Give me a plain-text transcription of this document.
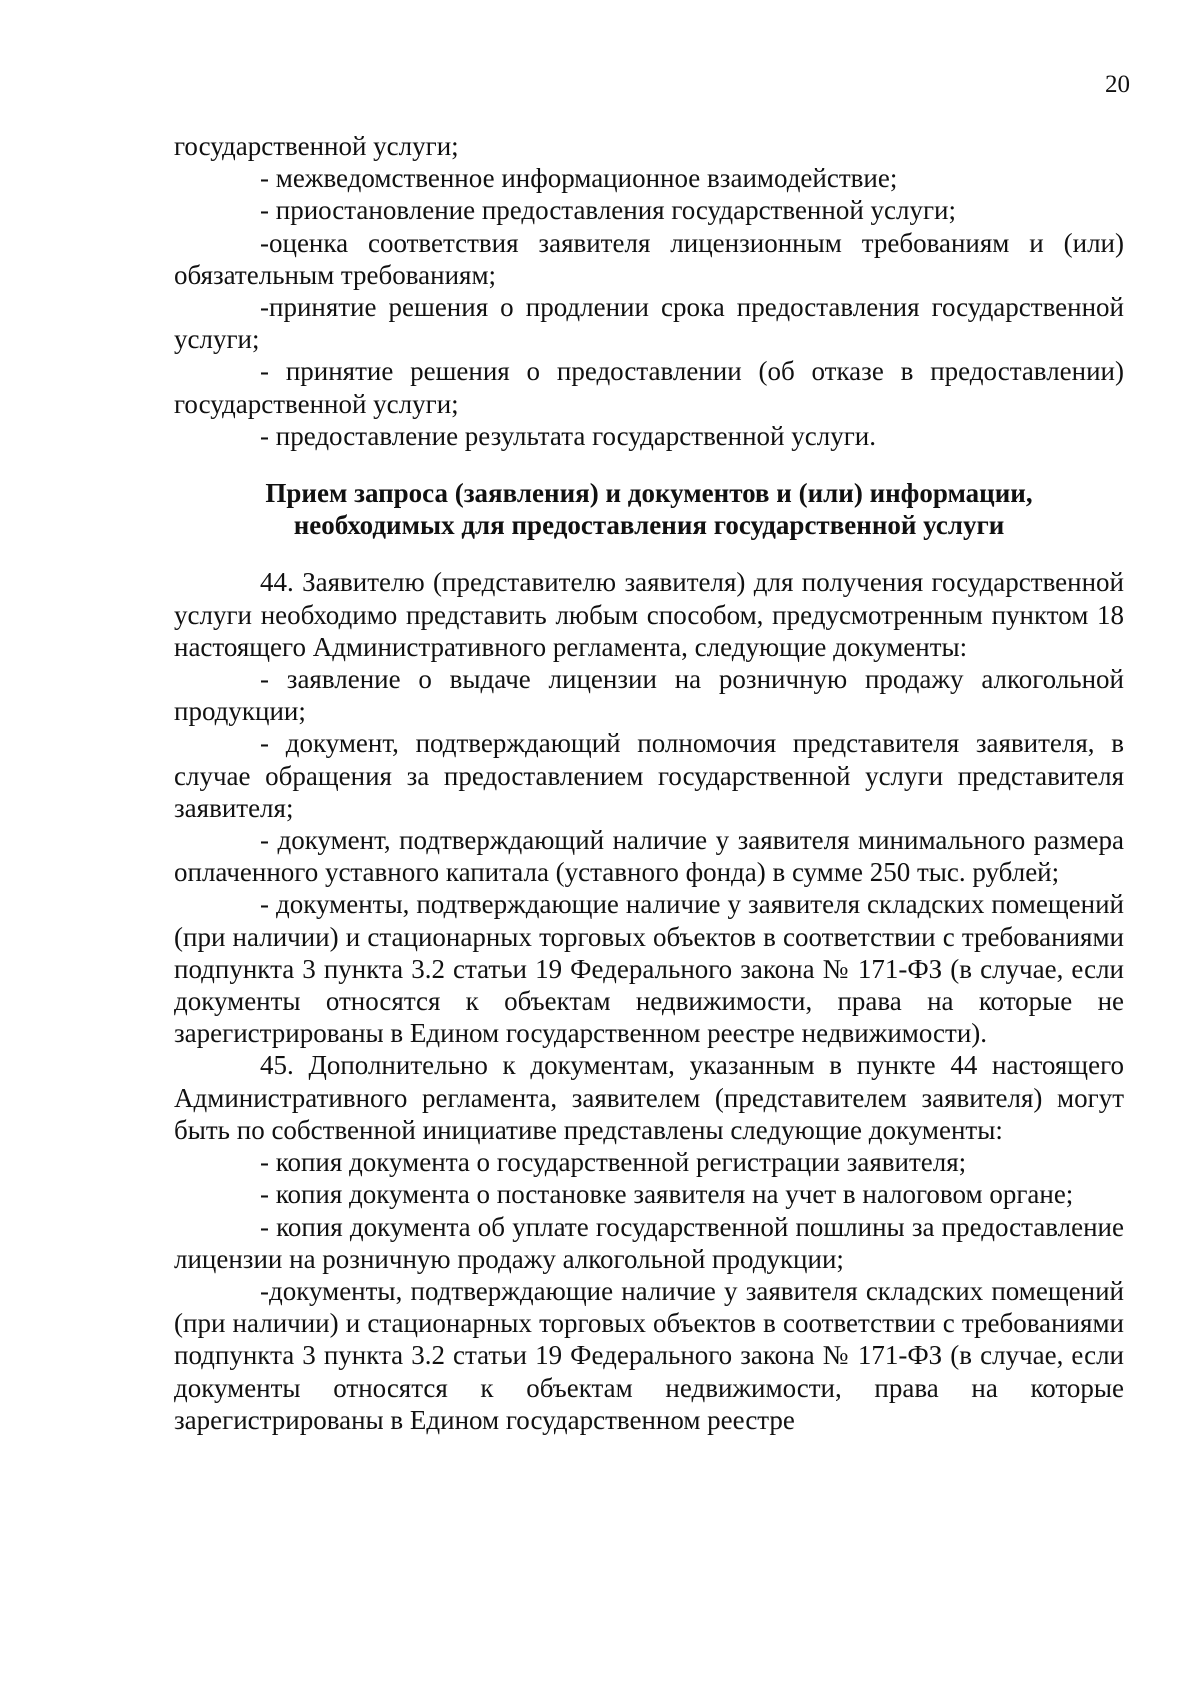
20

государственной услуги;

- межведомственное информационное взаимодействие;

- приостановление предоставления государственной услуги;

-оценка соответствия заявителя лицензионным требованиям и (или) обязательным требованиям;

-принятие решения о продлении срока предоставления государственной услуги;

- принятие решения о предоставлении (об отказе в предоставлении) государственной услуги;

- предоставление результата государственной услуги.

Прием запроса (заявления) и документов и (или) информации,
необходимых для предоставления государственной услуги

44. Заявителю (представителю заявителя) для получения государственной услуги необходимо представить любым способом, предусмотренным пунктом 18 настоящего Административного регламента, следующие документы:

- заявление о выдаче лицензии на розничную продажу алкогольной продукции;

- документ, подтверждающий полномочия представителя заявителя, в случае обращения за предоставлением государственной услуги представителя заявителя;

- документ, подтверждающий наличие у заявителя минимального размера оплаченного уставного капитала (уставного фонда) в сумме 250 тыс. рублей;

- документы, подтверждающие наличие у заявителя складских помещений (при наличии) и стационарных торговых объектов в соответствии с требованиями подпункта 3 пункта 3.2 статьи 19 Федерального закона № 171-ФЗ (в случае, если документы относятся к объектам недвижимости, права на которые не зарегистрированы в Едином государственном реестре недвижимости).

45. Дополнительно к документам, указанным в пункте 44 настоящего Административного регламента, заявителем (представителем заявителя) могут быть по собственной инициативе представлены следующие документы:

- копия документа о государственной регистрации заявителя;

- копия документа о постановке заявителя на учет в налоговом органе;

- копия документа об уплате государственной пошлины за предоставление лицензии на розничную продажу алкогольной продукции;

-документы, подтверждающие наличие у заявителя складских помещений (при наличии) и стационарных торговых объектов в соответствии с требованиями подпункта 3 пункта 3.2 статьи 19 Федерального закона № 171-ФЗ (в случае, если документы относятся к объектам недвижимости, права на которые зарегистрированы в Едином государственном реестре
